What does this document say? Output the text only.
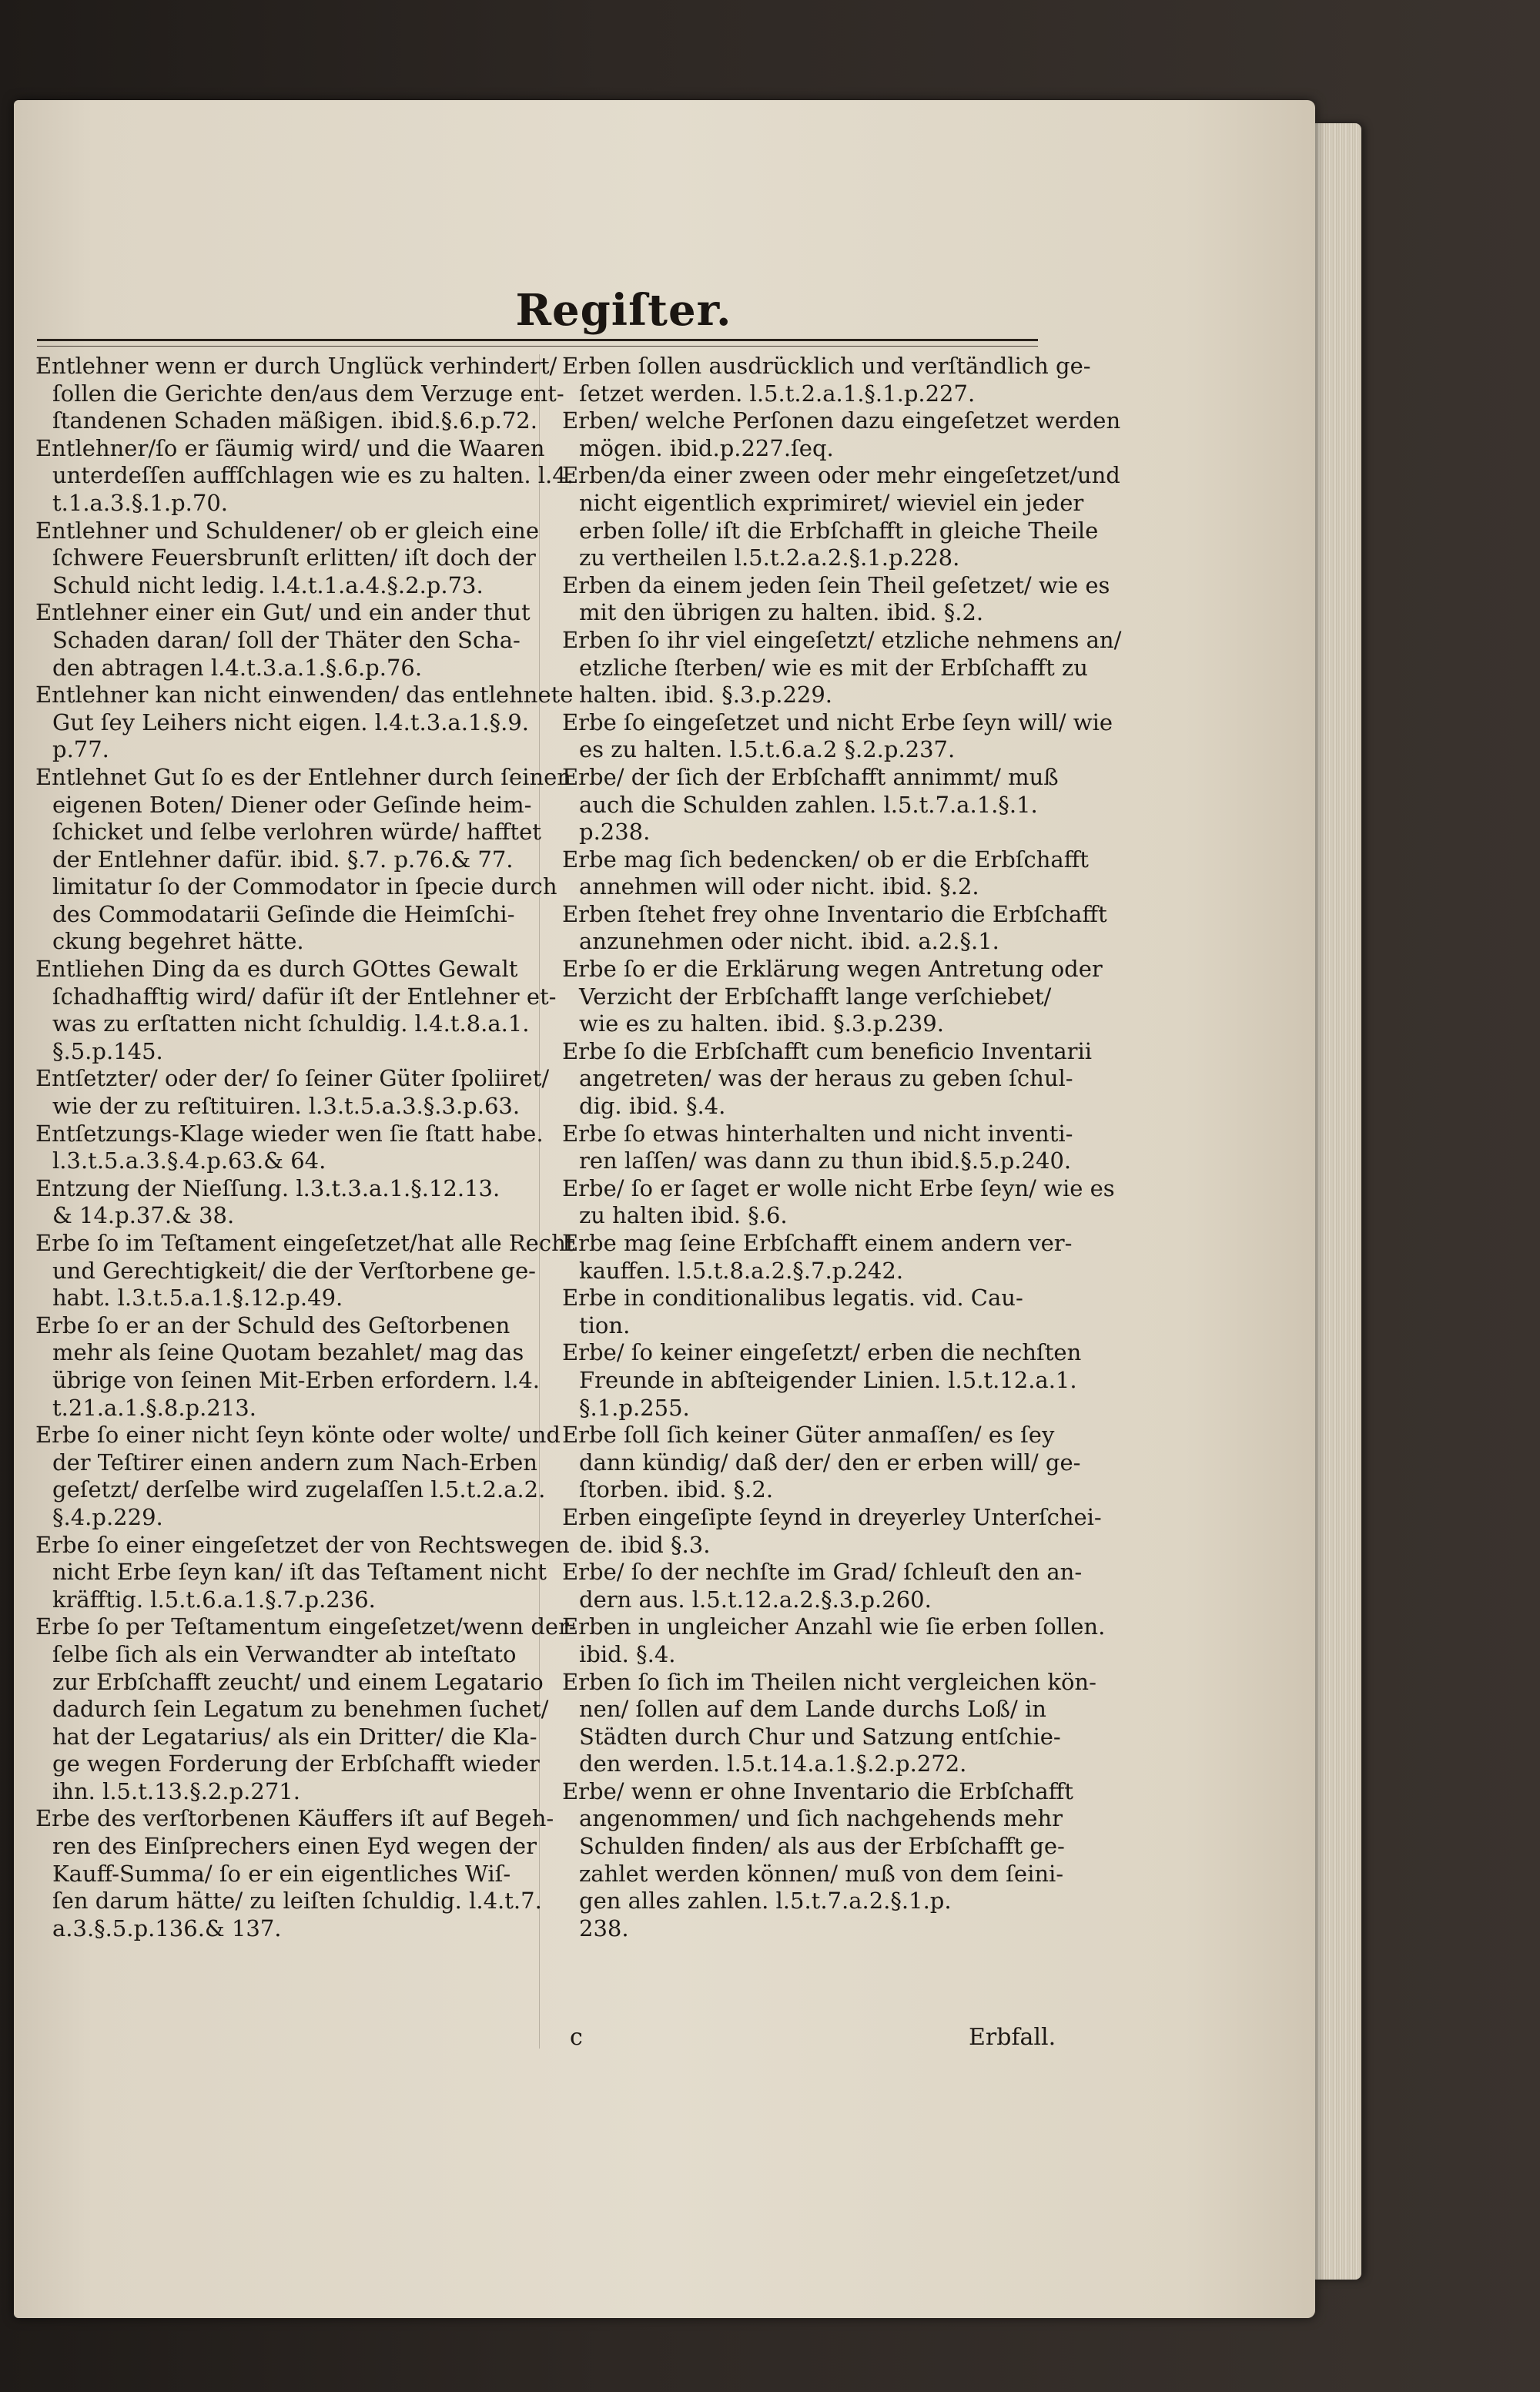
Regiſter.
Entlehner wenn er durch Unglück verhindert/
ſollen die Gerichte den/aus dem Verzuge ent-
ſtandenen Schaden mäßigen. ibid.§.6.p.72.
Entlehner/ſo er ſäumig wird/ und die Waaren
unterdeſſen auffſchlagen wie es zu halten. l.4.
t.1.a.3.§.1.p.70.
Entlehner und Schuldener/ ob er gleich eine
ſchwere Feuersbrunſt erlitten/ iſt doch der
Schuld nicht ledig. l.4.t.1.a.4.§.2.p.73.
Entlehner einer ein Gut/ und ein ander thut
Schaden daran/ ſoll der Thäter den Scha-
den abtragen l.4.t.3.a.1.§.6.p.76.
Entlehner kan nicht einwenden/ das entlehnete
Gut ſey Leihers nicht eigen. l.4.t.3.a.1.§.9.
p.77.
Entlehnet Gut ſo es der Entlehner durch ſeinen
eigenen Boten/ Diener oder Geſinde heim-
ſchicket und ſelbe verlohren würde/ hafftet
der Entlehner dafür. ibid. §.7. p.76.& 77.
limitatur ſo der Commodator in ſpecie durch
des Commodatarii Geſinde die Heimſchi-
ckung begehret hätte.
Entliehen Ding da es durch GOttes Gewalt
ſchadhafftig wird/ dafür iſt der Entlehner et-
was zu erſtatten nicht ſchuldig. l.4.t.8.a.1.
§.5.p.145.
Entſetzter/ oder der/ ſo ſeiner Güter ſpoliiret/
wie der zu reſtituiren. l.3.t.5.a.3.§.3.p.63.
Entſetzungs-Klage wieder wen ſie ſtatt habe.
l.3.t.5.a.3.§.4.p.63.& 64.
Entzung der Nieſſung. l.3.t.3.a.1.§.12.13.
& 14.p.37.& 38.
Erbe ſo im Teſtament eingeſetzet/hat alle Recht
und Gerechtigkeit/ die der Verſtorbene ge-
habt. l.3.t.5.a.1.§.12.p.49.
Erbe ſo er an der Schuld des Geſtorbenen
mehr als ſeine Quotam bezahlet/ mag das
übrige von ſeinen Mit-Erben erfordern. l.4.
t.21.a.1.§.8.p.213.
Erbe ſo einer nicht ſeyn könte oder wolte/ und
der Teſtirer einen andern zum Nach-Erben
geſetzt/ derſelbe wird zugelaſſen l.5.t.2.a.2.
§.4.p.229.
Erbe ſo einer eingeſetzet der von Rechtswegen
nicht Erbe ſeyn kan/ iſt das Teſtament nicht
kräfftig. l.5.t.6.a.1.§.7.p.236.
Erbe ſo per Teſtamentum eingeſetzet/wenn der-
ſelbe ſich als ein Verwandter ab inteſtato
zur Erbſchafft zeucht/ und einem Legatario
dadurch ſein Legatum zu benehmen ſuchet/
hat der Legatarius/ als ein Dritter/ die Kla-
ge wegen Forderung der Erbſchafft wieder
ihn. l.5.t.13.§.2.p.271.
Erbe des verſtorbenen Käuffers iſt auf Begeh-
ren des Einſprechers einen Eyd wegen der
Kauff-Summa/ ſo er ein eigentliches Wiſ-
ſen darum hätte/ zu leiſten ſchuldig. l.4.t.7.
a.3.§.5.p.136.& 137.
Erben ſollen ausdrücklich und verſtändlich ge-
ſetzet werden. l.5.t.2.a.1.§.1.p.227.
Erben/ welche Perſonen dazu eingeſetzet werden
mögen. ibid.p.227.ſeq.
Erben/da einer zween oder mehr eingeſetzet/und
nicht eigentlich exprimiret/ wieviel ein jeder
erben ſolle/ iſt die Erbſchafft in gleiche Theile
zu vertheilen l.5.t.2.a.2.§.1.p.228.
Erben da einem jeden ſein Theil geſetzet/ wie es
mit den übrigen zu halten. ibid. §.2.
Erben ſo ihr viel eingeſetzt/ etzliche nehmens an/
etzliche ſterben/ wie es mit der Erbſchafft zu
halten. ibid. §.3.p.229.
Erbe ſo eingeſetzet und nicht Erbe ſeyn will/ wie
es zu halten. l.5.t.6.a.2 §.2.p.237.
Erbe/ der ſich der Erbſchafft annimmt/ muß
auch die Schulden zahlen. l.5.t.7.a.1.§.1.
p.238.
Erbe mag ſich bedencken/ ob er die Erbſchafft
annehmen will oder nicht. ibid. §.2.
Erben ſtehet frey ohne Inventario die Erbſchafft
anzunehmen oder nicht. ibid. a.2.§.1.
Erbe ſo er die Erklärung wegen Antretung oder
Verzicht der Erbſchafft lange verſchiebet/
wie es zu halten. ibid. §.3.p.239.
Erbe ſo die Erbſchafft cum beneficio Inventarii
angetreten/ was der heraus zu geben ſchul-
dig. ibid. §.4.
Erbe ſo etwas hinterhalten und nicht inventi-
ren laſſen/ was dann zu thun ibid.§.5.p.240.
Erbe/ ſo er ſaget er wolle nicht Erbe ſeyn/ wie es
zu halten ibid. §.6.
Erbe mag ſeine Erbſchafft einem andern ver-
kauffen. l.5.t.8.a.2.§.7.p.242.
Erbe in conditionalibus legatis. vid. Cau-
tion.
Erbe/ ſo keiner eingeſetzt/ erben die nechſten
Freunde in abſteigender Linien. l.5.t.12.a.1.
§.1.p.255.
Erbe ſoll ſich keiner Güter anmaſſen/ es ſey
dann kündig/ daß der/ den er erben will/ ge-
ſtorben. ibid. §.2.
Erben eingeſipte ſeynd in dreyerley Unterſchei-
de. ibid §.3.
Erbe/ ſo der nechſte im Grad/ ſchleuſt den an-
dern aus. l.5.t.12.a.2.§.3.p.260.
Erben in ungleicher Anzahl wie ſie erben ſollen.
ibid. §.4.
Erben ſo ſich im Theilen nicht vergleichen kön-
nen/ ſollen auf dem Lande durchs Loß/ in
Städten durch Chur und Satzung entſchie-
den werden. l.5.t.14.a.1.§.2.p.272.
Erbe/ wenn er ohne Inventario die Erbſchafft
angenommen/ und ſich nachgehends mehr
Schulden finden/ als aus der Erbſchafft ge-
zahlet werden können/ muß von dem ſeini-
gen alles zahlen. l.5.t.7.a.2.§.1.p.
238.
c	Erbfall.
